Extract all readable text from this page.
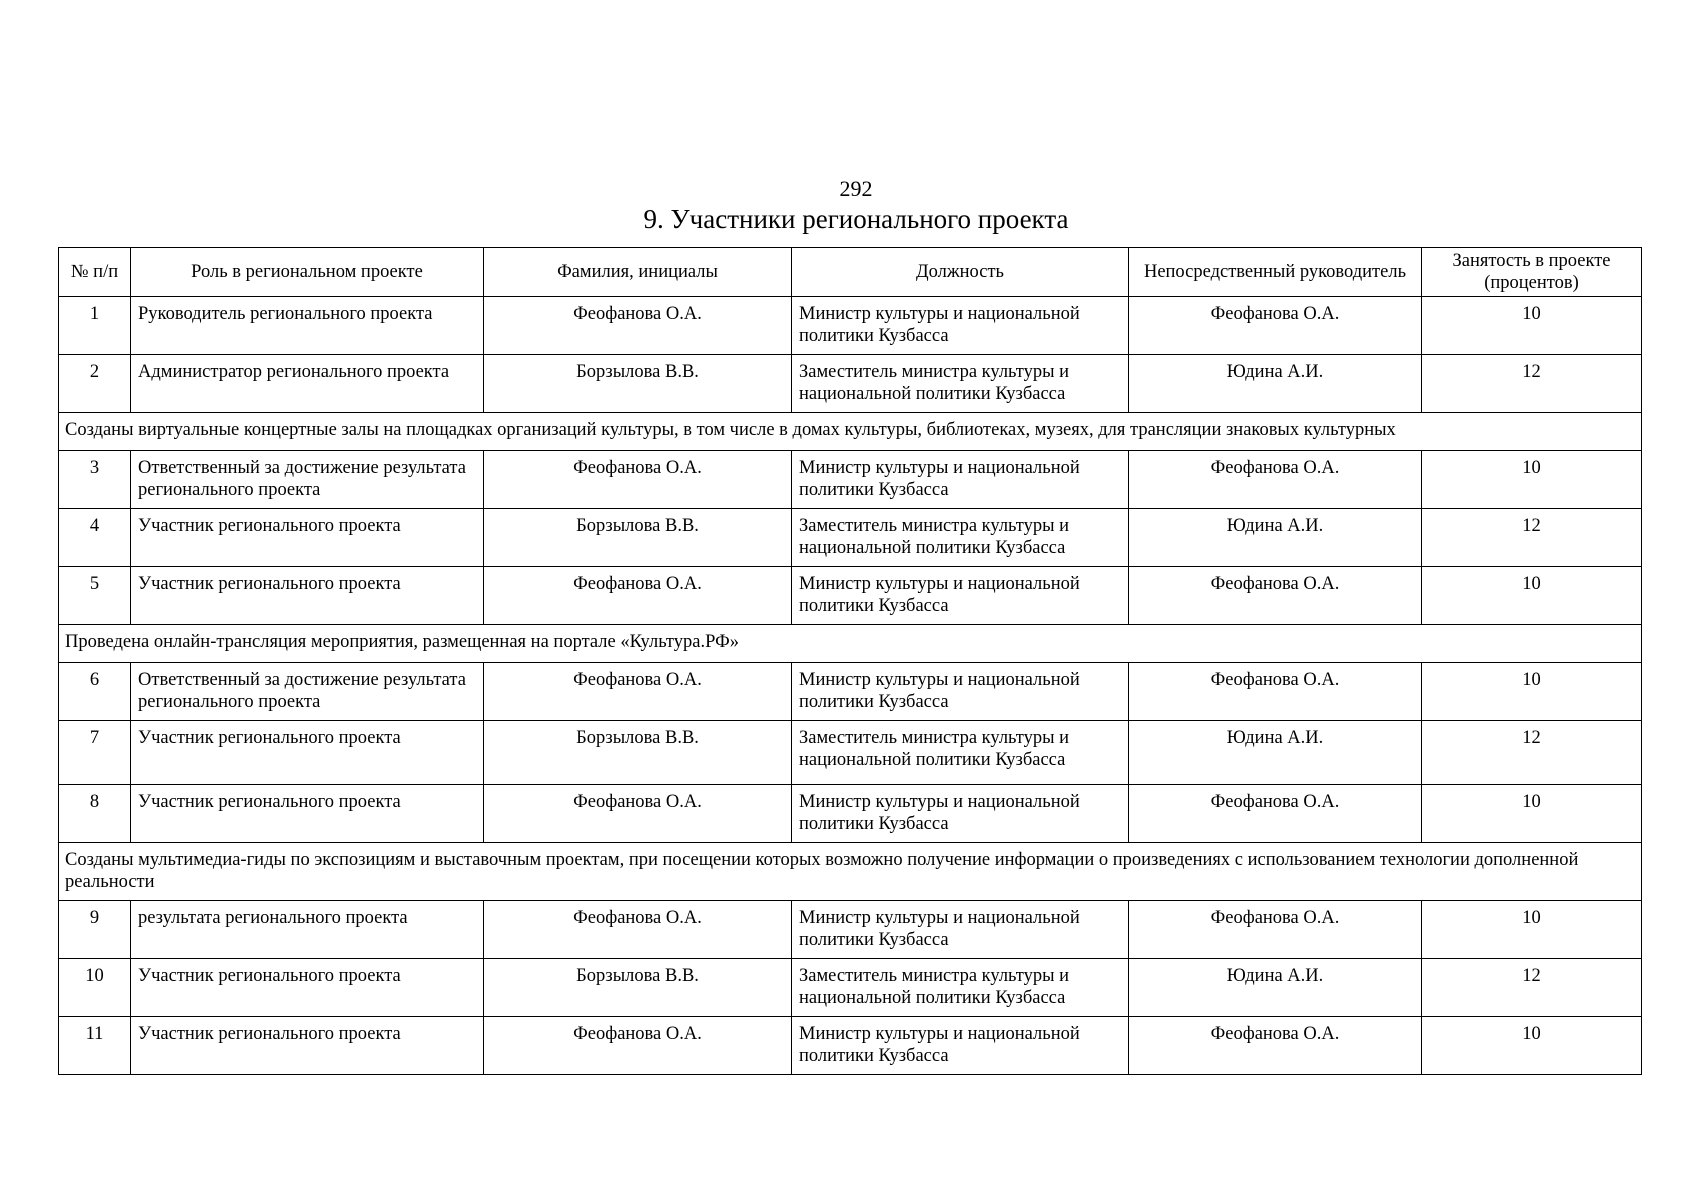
292
9. Участники регионального проекта
№ п/п	Роль в региональном проекте	Фамилия, инициалы	Должность	Непосредственный руководитель	Занятость в проекте (процентов)

1	Руководитель регионального проекта	Феофанова О.А.	Министр культуры и национальной политики Кузбасса	Феофанова О.А.	10

2	Администратор регионального проекта	Борзылова В.В.	Заместитель министра культуры и национальной политики Кузбасса	Юдина А.И.	12

Созданы виртуальные концертные залы на площадках организаций культуры, в том числе в домах культуры, библиотеках, музеях, для трансляции знаковых культурных					

3	Ответственный за достижение результата регионального проекта	Феофанова О.А.	Министр культуры и национальной политики Кузбасса	Феофанова О.А.	10

4	Участник регионального проекта	Борзылова В.В.	Заместитель министра культуры и национальной политики Кузбасса	Юдина А.И.	12

5	Участник регионального проекта	Феофанова О.А.	Министр культуры и национальной политики Кузбасса	Феофанова О.А.	10

Проведена онлайн-трансляция мероприятия, размещенная на портале «Культура.РФ»					

6	Ответственный за достижение результата регионального проекта	Феофанова О.А.	Министр культуры и национальной политики Кузбасса	Феофанова О.А.	10

7	Участник регионального проекта	Борзылова В.В.	Заместитель министра культуры и национальной политики Кузбасса	Юдина А.И.	12

8	Участник регионального проекта	Феофанова О.А.	Министр культуры и национальной политики Кузбасса	Феофанова О.А.	10

Созданы мультимедиа-гиды по экспозициям и выставочным проектам, при посещении которых возможно получение информации о произведениях с использованием технологии дополненной реальности					

9	результата регионального проекта	Феофанова О.А.	Министр культуры и национальной политики Кузбасса	Феофанова О.А.	10

10	Участник регионального проекта	Борзылова В.В.	Заместитель министра культуры и национальной политики Кузбасса	Юдина А.И.	12

11	Участник регионального проекта	Феофанова О.А.	Министр культуры и национальной политики Кузбасса	Феофанова О.А.	10
